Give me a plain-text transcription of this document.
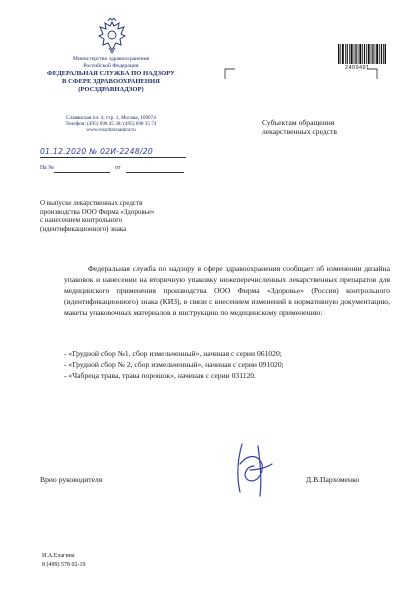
Министерство здравоохранения
Российской Федерации
ФЕДЕРАЛЬНАЯ СЛУЖБА ПО НАДЗОРУ
В СФЕРЕ ЗДРАВООХРАНЕНИЯ
(РОСЗДРАВНАДЗОР)
Славянская пл. 4, стр. 1, Москва, 109074
Телефон: (495) 698 45 38; (495) 698 15 74
www.roszdravnadzor.ru
01.12.2020 № 02И-2248/20
На №	от
2409491
Субъектам обращения
лекарственных средств
О выпуске лекарственных средств
производства ООО Фирма «Здоровье»
с нанесением контрольного
(идентификационного) знака
Федеральная служба по надзору в сфере здравоохранения сообщает об изменении дизайна упаковок и нанесении на вторичную упаковку нижеперечисленных лекарственных препаратов для медицинского применения производства ООО Фирма «Здоровье» (Россия) контрольного (идентификационного) знака (КИЗ), в связи с внесением изменений в нормативную документацию, макеты упаковочных материалов и инструкцию по медицинскому применению:
- «Грудной сбор №1, сбор измельченный», начиная с серии 061020;
- «Грудной сбор № 2, сбор измельченный», начиная с серии 091020;
- «Чабреца трава, трава порошок», начиная с серии 031120.
Врио руководителя	Д.В.Пархоменко
И.А.Елагина
8 (499) 578 02-19
